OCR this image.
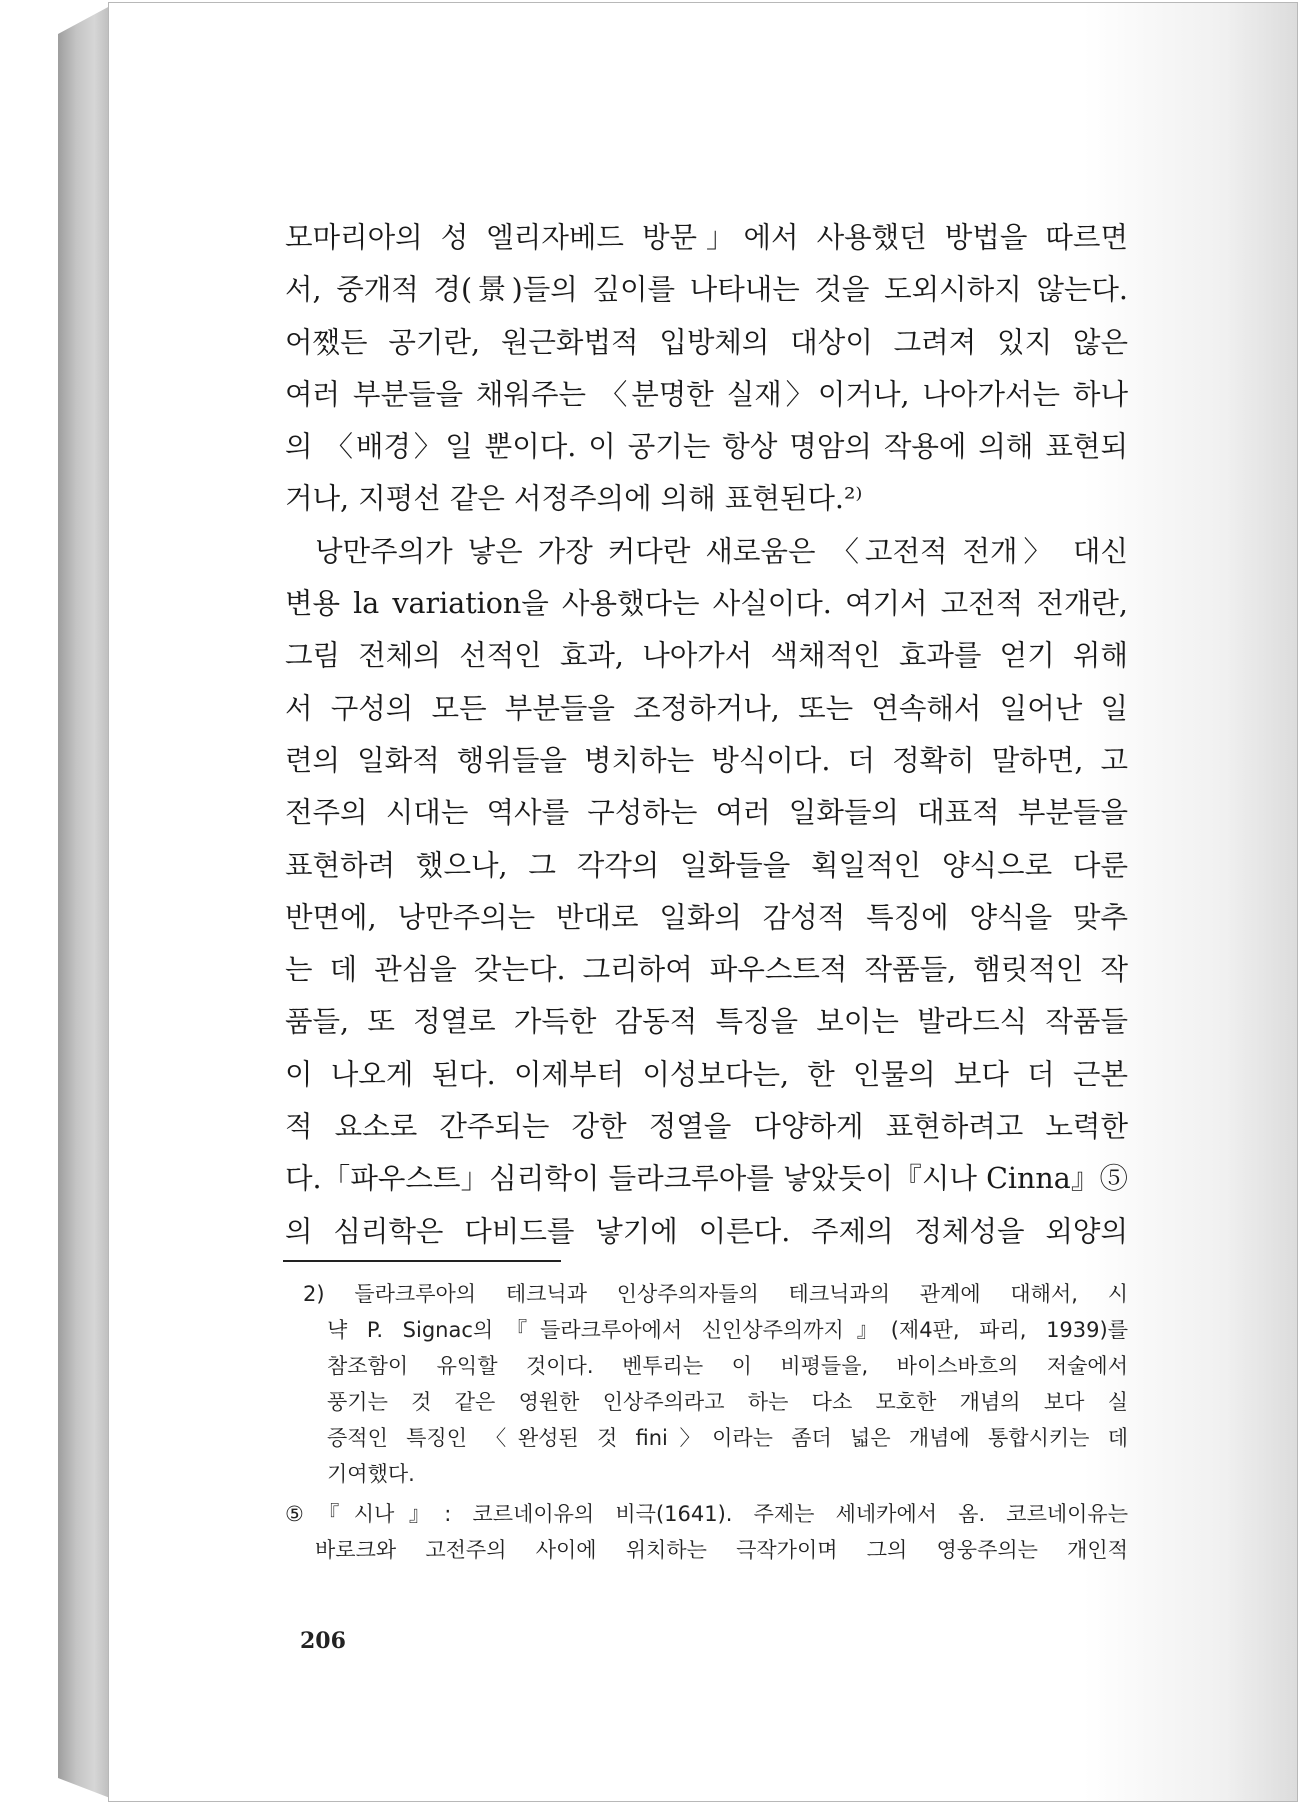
모마리아의 성 엘리자베드 방문」에서 사용했던 방법을 따르면
서, 중개적 경(景)들의 깊이를 나타내는 것을 도외시하지 않는다.
어쨌든 공기란, 원근화법적 입방체의 대상이 그려져 있지 않은
여러 부분들을 채워주는 〈분명한 실재〉이거나, 나아가서는 하나
의 〈배경〉일 뿐이다. 이 공기는 항상 명암의 작용에 의해 표현되
거나, 지평선 같은 서정주의에 의해 표현된다.²⁾
낭만주의가 낳은 가장 커다란 새로움은 〈고전적 전개〉 대신
변용 la variation을 사용했다는 사실이다. 여기서 고전적 전개란,
그림 전체의 선적인 효과, 나아가서 색채적인 효과를 얻기 위해
서 구성의 모든 부분들을 조정하거나, 또는 연속해서 일어난 일
련의 일화적 행위들을 병치하는 방식이다. 더 정확히 말하면, 고
전주의 시대는 역사를 구성하는 여러 일화들의 대표적 부분들을
표현하려 했으나, 그 각각의 일화들을 획일적인 양식으로 다룬
반면에, 낭만주의는 반대로 일화의 감성적 특징에 양식을 맞추
는 데 관심을 갖는다. 그리하여 파우스트적 작품들, 햄릿적인 작
품들, 또 정열로 가득한 감동적 특징을 보이는 발라드식 작품들
이 나오게 된다. 이제부터 이성보다는, 한 인물의 보다 더 근본
적 요소로 간주되는 강한 정열을 다양하게 표현하려고 노력한
다.「파우스트」심리학이 들라크루아를 낳았듯이『시나 Cinna』⑤
의 심리학은 다비드를 낳기에 이른다. 주제의 정체성을 외양의
2) 들라크루아의 테크닉과 인상주의자들의 테크닉과의 관계에 대해서, 시
냑 P. Signac의『들라크루아에서 신인상주의까지』(제4판, 파리, 1939)를
참조함이 유익할 것이다. 벤투리는 이 비평들을, 바이스바흐의 저술에서
풍기는 것 같은 영원한 인상주의라고 하는 다소 모호한 개념의 보다 실
증적인 특징인 〈완성된 것 fini〉이라는 좀더 넓은 개념에 통합시키는 데
기여했다.
⑤『시나』: 코르네이유의 비극(1641). 주제는 세네카에서 옴. 코르네이유는
바로크와 고전주의 사이에 위치하는 극작가이며 그의 영웅주의는 개인적
206
